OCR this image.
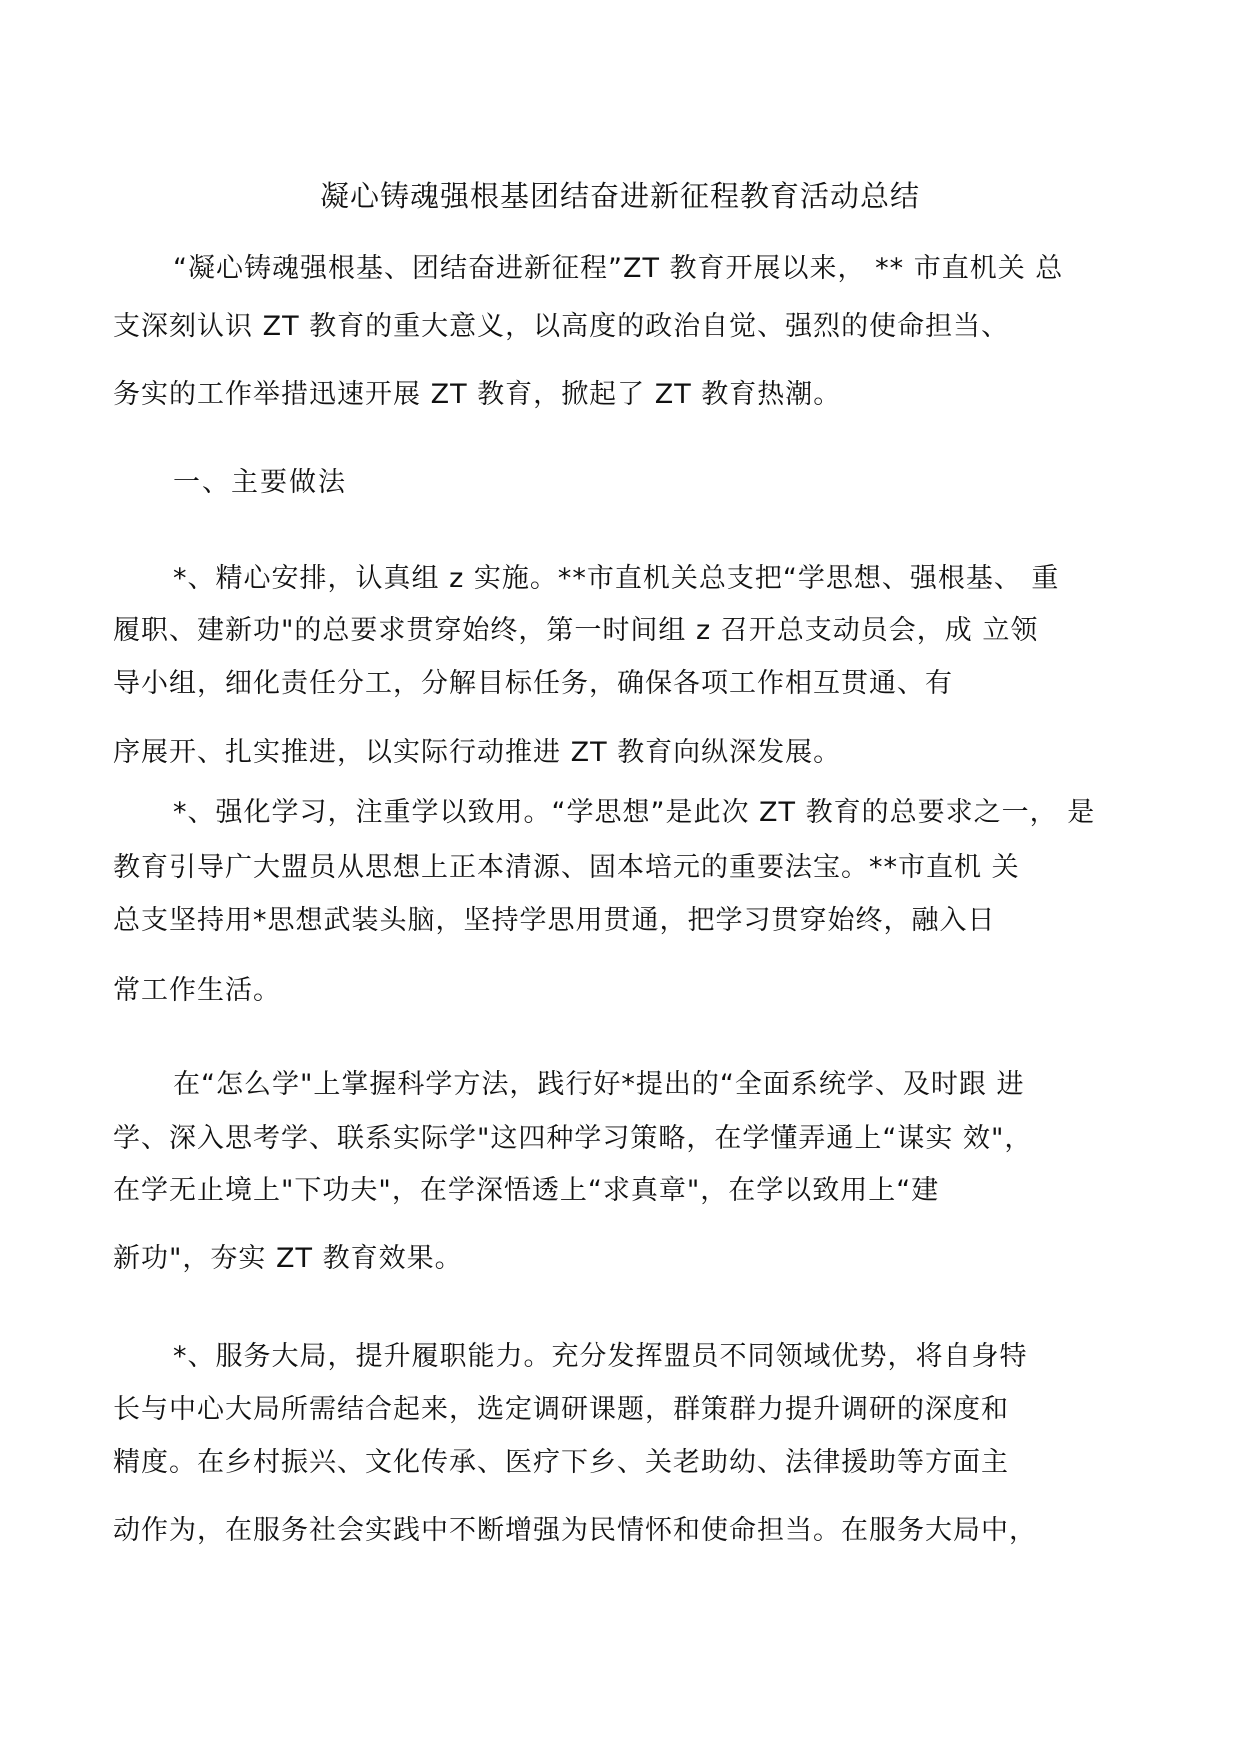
凝心铸魂强根基团结奋进新征程教育活动总结
“凝心铸魂强根基、团结奋进新征程”ZT 教育开展以来， ** 市直机关 总
支深刻认识 ZT 教育的重大意义，以高度的政治自觉、强烈的使命担当、
务实的工作举措迅速开展 ZT 教育，掀起了 ZT 教育热潮。
一、主要做法
*、精心安排，认真组 z 实施。**市直机关总支把“学思想、强根基、 重
履职、建新功"的总要求贯穿始终，第一时间组 z 召开总支动员会，成 立领
导小组，细化责任分工，分解目标任务，确保各项工作相互贯通、有
序展开、扎实推进，以实际行动推进 ZT 教育向纵深发展。
*、强化学习，注重学以致用。“学思想”是此次 ZT 教育的总要求之一， 是
教育引导广大盟员从思想上正本清源、固本培元的重要法宝。**市直机 关
总支坚持用*思想武装头脑，坚持学思用贯通，把学习贯穿始终，融入日
常工作生活。
在“怎么学"上掌握科学方法，践行好*提出的“全面系统学、及时跟 进
学、深入思考学、联系实际学"这四种学习策略，在学懂弄通上“谋实 效"，
在学无止境上"下功夫"，在学深悟透上“求真章"，在学以致用上“建
新功"，夯实 ZT 教育效果。
*、服务大局，提升履职能力。充分发挥盟员不同领域优势，将自身特
长与中心大局所需结合起来，选定调研课题，群策群力提升调研的深度和
精度。在乡村振兴、文化传承、医疗下乡、关老助幼、法律援助等方面主
动作为，在服务社会实践中不断增强为民情怀和使命担当。在服务大局中，
